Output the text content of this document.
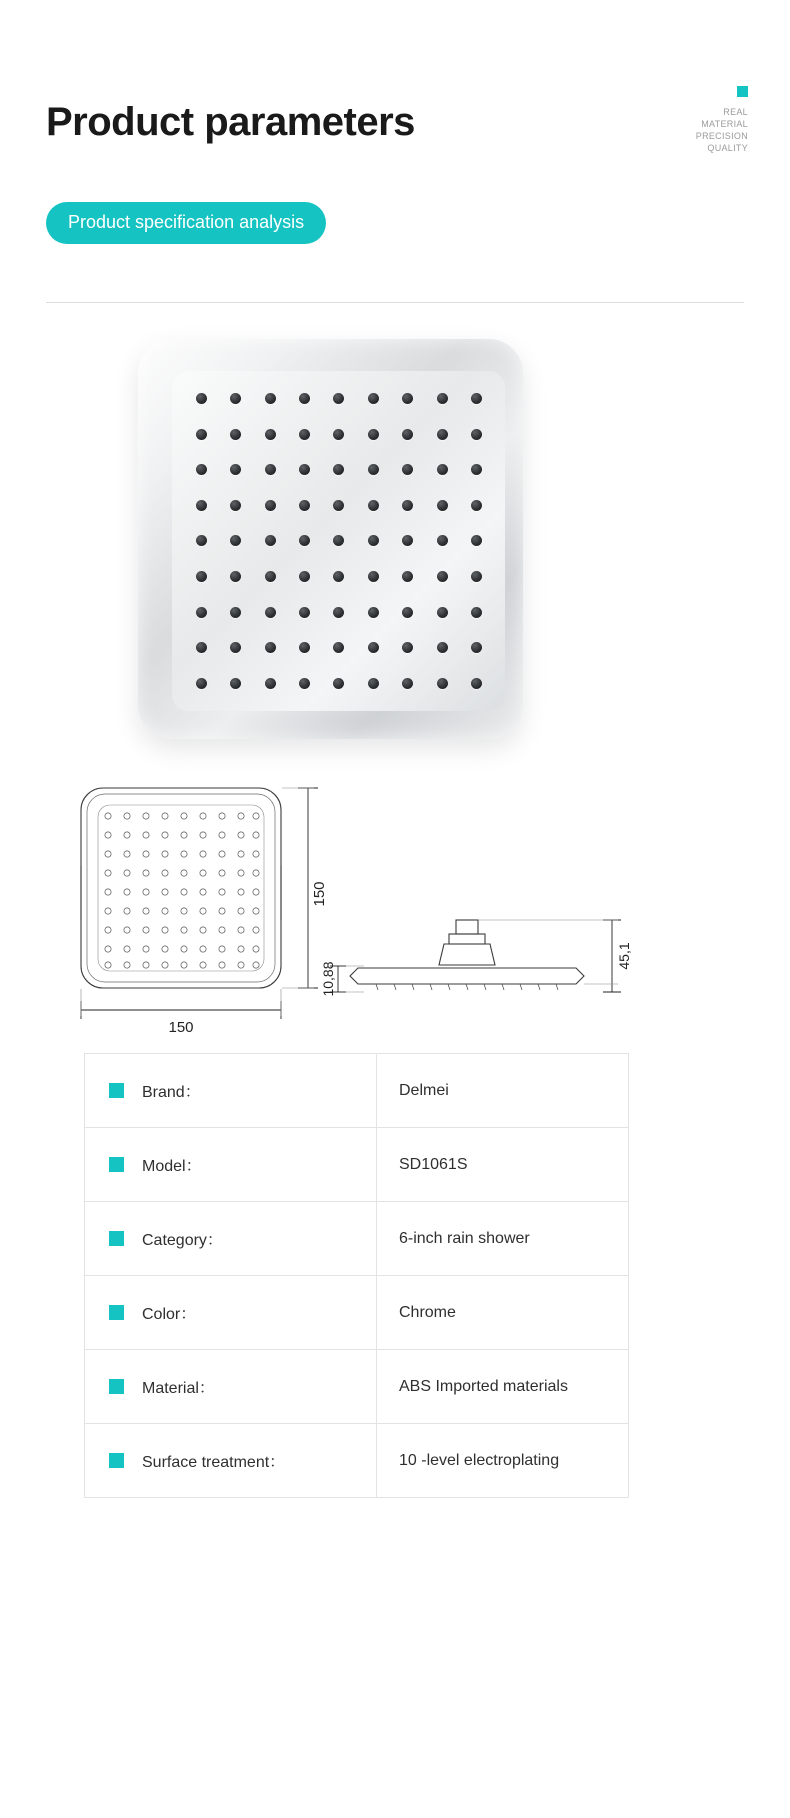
Product parameters
Product specification analysis
REAL
MATERIAL
PRECISION
QUALITY
150
150
10,88
45,1
Brand：	Delmei
Model：	SD1061S
Category：	6-inch rain shower
Color：	Chrome
Material：	ABS Imported materials
Surface treatment：	10 -level electroplating
